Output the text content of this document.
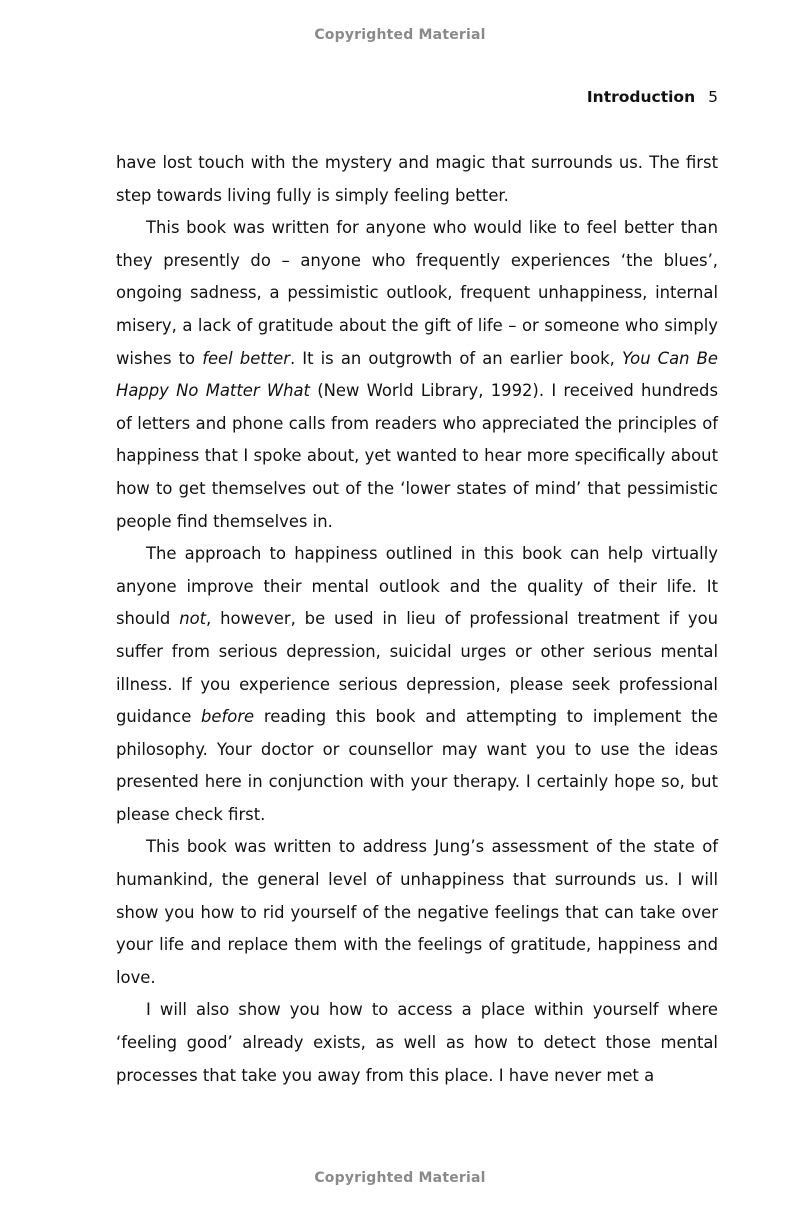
Copyrighted Material
Introduction 5

have lost touch with the mystery and magic that surrounds us. The first step towards living fully is simply feeling better.

This book was written for anyone who would like to feel better than they presently do – anyone who frequently experiences ‘the blues’, ongoing sadness, a pessimistic outlook, frequent unhappiness, internal misery, a lack of gratitude about the gift of life – or someone who simply wishes to feel better. It is an outgrowth of an earlier book, You Can Be Happy No Matter What (New World Library, 1992). I received hundreds of letters and phone calls from readers who appreciated the principles of happiness that I spoke about, yet wanted to hear more specifically about how to get themselves out of the ‘lower states of mind’ that pessimistic people find themselves in.

The approach to happiness outlined in this book can help virtually anyone improve their mental outlook and the quality of their life. It should not, however, be used in lieu of professional treatment if you suffer from serious depression, suicidal urges or other serious mental illness. If you experience serious depression, please seek professional guidance before reading this book and attempting to implement the philosophy. Your doctor or counsellor may want you to use the ideas presented here in conjunction with your therapy. I certainly hope so, but please check first.

This book was written to address Jung’s assessment of the state of humankind, the general level of unhappiness that surrounds us. I will show you how to rid yourself of the negative feelings that can take over your life and replace them with the feelings of gratitude, happiness and love.

I will also show you how to access a place within yourself where ‘feeling good’ already exists, as well as how to detect those mental processes that take you away from this place. I have never met a

Copyrighted Material
